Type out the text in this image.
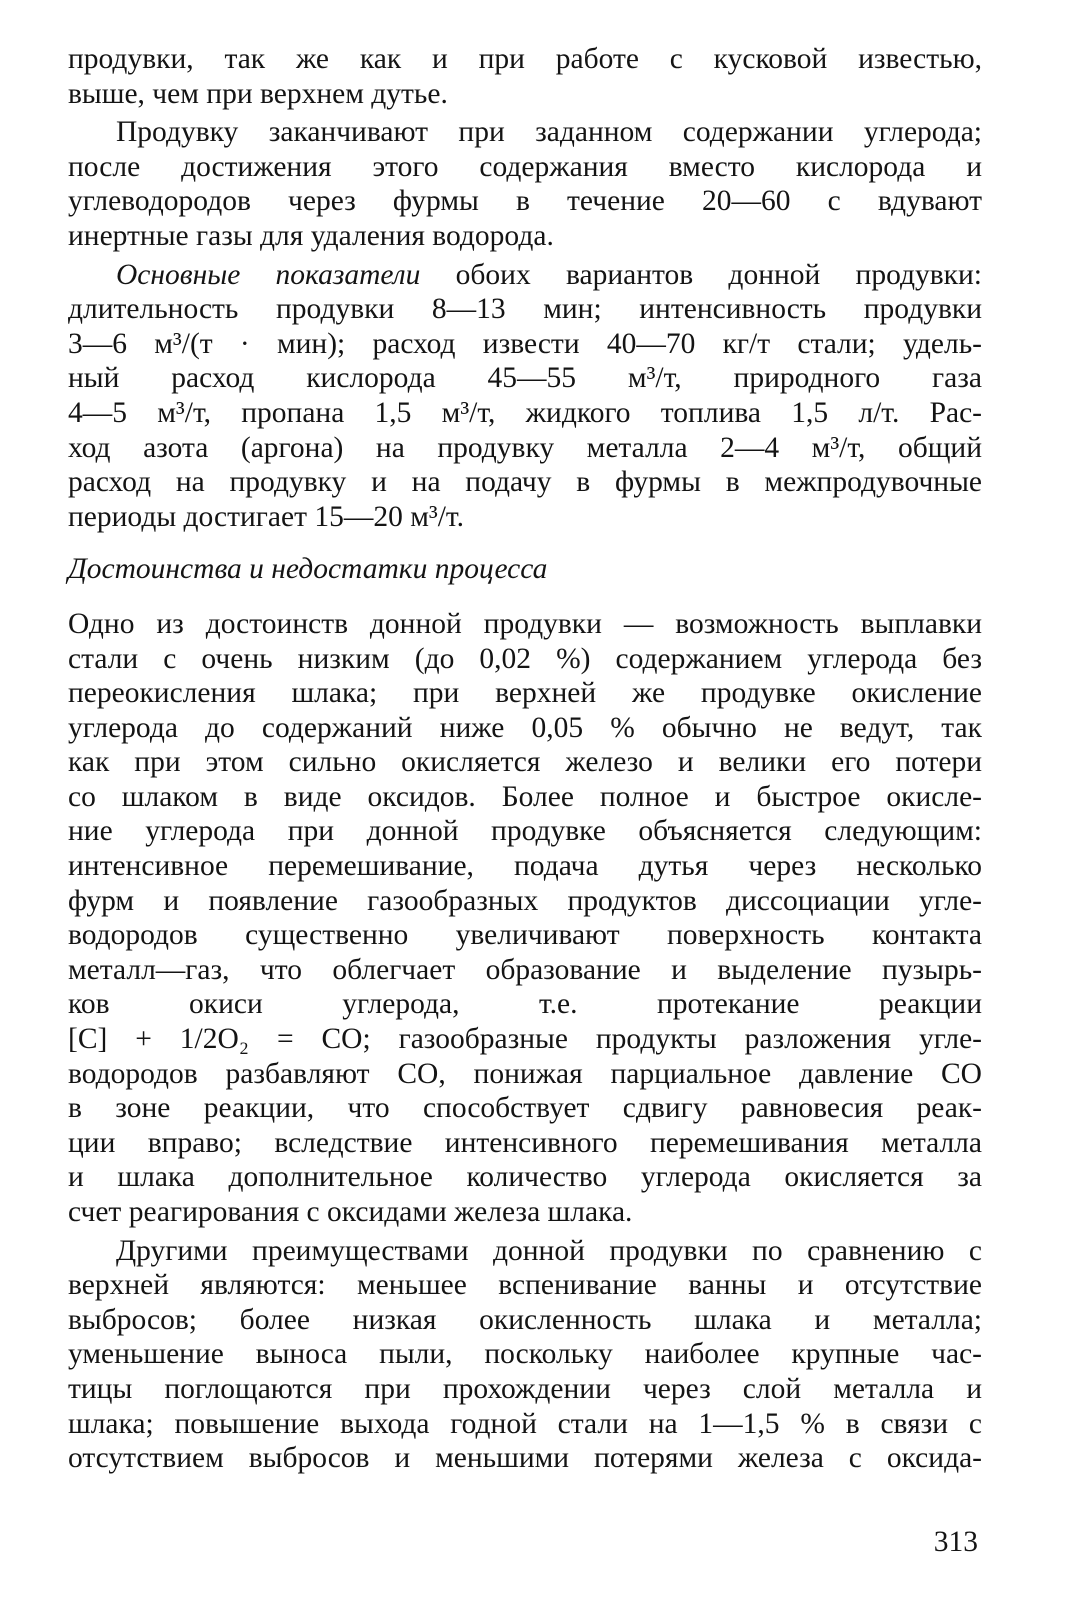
продувки, так же как и при работе с кусковой известью,
выше, чем при верхнем дутье.
Продувку заканчивают при заданном содержании углерода;
после достижения этого содержания вместо кислорода и
углеводородов через фурмы в течение 20—60 с вдувают
инертные газы для удаления водорода.
Основные показатели обоих вариантов донной продувки:
длительность продувки 8—13 мин; интенсивность продувки
3—6 м³/(т · мин); расход извести 40—70 кг/т стали; удель-
ный расход кислорода 45—55 м³/т, природного газа
4—5 м³/т, пропана 1,5 м³/т, жидкого топлива 1,5 л/т. Рас-
ход азота (аргона) на продувку металла 2—4 м³/т, общий
расход на продувку и на подачу в фурмы в межпродувочные
периоды достигает 15—20 м³/т.
Достоинства и недостатки процесса
Одно из достоинств донной продувки — возможность выплавки
стали с очень низким (до 0,02 %) содержанием углерода без
переокисления шлака; при верхней же продувке окисление
углерода до содержаний ниже 0,05 % обычно не ведут, так
как при этом сильно окисляется железо и велики его потери
со шлаком в виде оксидов. Более полное и быстрое окисле-
ние углерода при донной продувке объясняется следующим:
интенсивное перемешивание, подача дутья через несколько
фурм и появление газообразных продуктов диссоциации угле-
водородов существенно увеличивают поверхность контакта
металл—газ, что облегчает образование и выделение пузырь-
ков окиси углерода, т.е. протекание реакции
[C] + 1/2O₂ = CO; газообразные продукты разложения угле-
водородов разбавляют CO, понижая парциальное давление CO
в зоне реакции, что способствует сдвигу равновесия реак-
ции вправо; вследствие интенсивного перемешивания металла
и шлака дополнительное количество углерода окисляется за
счет реагирования с оксидами железа шлака.
Другими преимуществами донной продувки по сравнению с
верхней являются: меньшее вспенивание ванны и отсутствие
выбросов; более низкая окисленность шлака и металла;
уменьшение выноса пыли, поскольку наиболее крупные час-
тицы поглощаются при прохождении через слой металла и
шлака; повышение выхода годной стали на 1—1,5 % в связи с
отсутствием выбросов и меньшими потерями железа с оксида-
313
